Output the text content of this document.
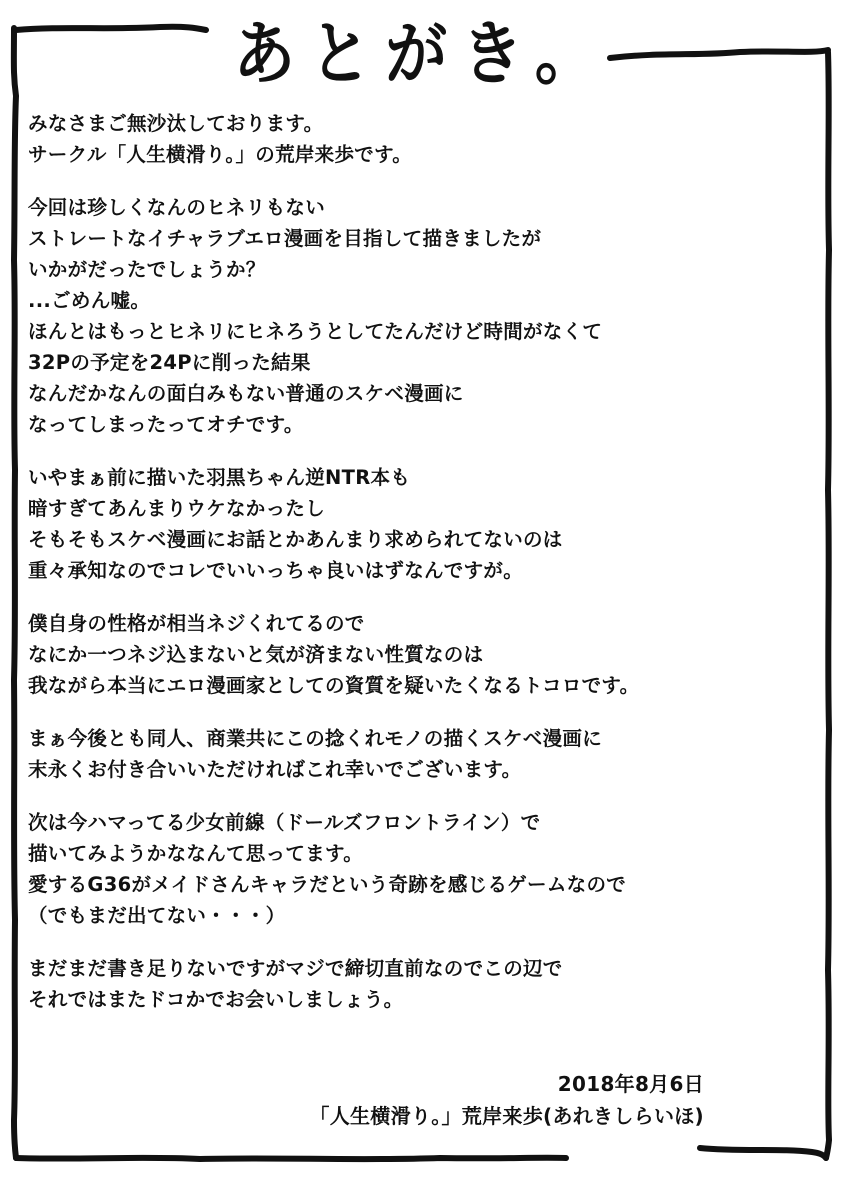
あとがき。
みなさまご無沙汰しております。
サークル「人生横滑り。」の荒岸来歩です。
今回は珍しくなんのヒネリもない
ストレートなイチャラブエロ漫画を目指して描きましたが
いかがだったでしょうか？
...ごめん嘘。
ほんとはもっとヒネリにヒネろうとしてたんだけど時間がなくて
32Pの予定を24Pに削った結果
なんだかなんの面白みもない普通のスケベ漫画に
なってしまったってオチです。
いやまぁ前に描いた羽黒ちゃん逆NTR本も
暗すぎてあんまりウケなかったし
そもそもスケベ漫画にお話とかあんまり求められてないのは
重々承知なのでコレでいいっちゃ良いはずなんですが。
僕自身の性格が相当ネジくれてるので
なにか一つネジ込まないと気が済まない性質なのは
我ながら本当にエロ漫画家としての資質を疑いたくなるトコロです。
まぁ今後とも同人、商業共にこの捻くれモノの描くスケベ漫画に
末永くお付き合いいただければこれ幸いでございます。
次は今ハマってる少女前線（ドールズフロントライン）で
描いてみようかななんて思ってます。
愛するG36がメイドさんキャラだという奇跡を感じるゲームなので
（でもまだ出てない・・・）
まだまだ書き足りないですがマジで締切直前なのでこの辺で
それではまたドコかでお会いしましょう。
2018年8月6日
「人生横滑り。」荒岸来歩(あれきしらいほ)
